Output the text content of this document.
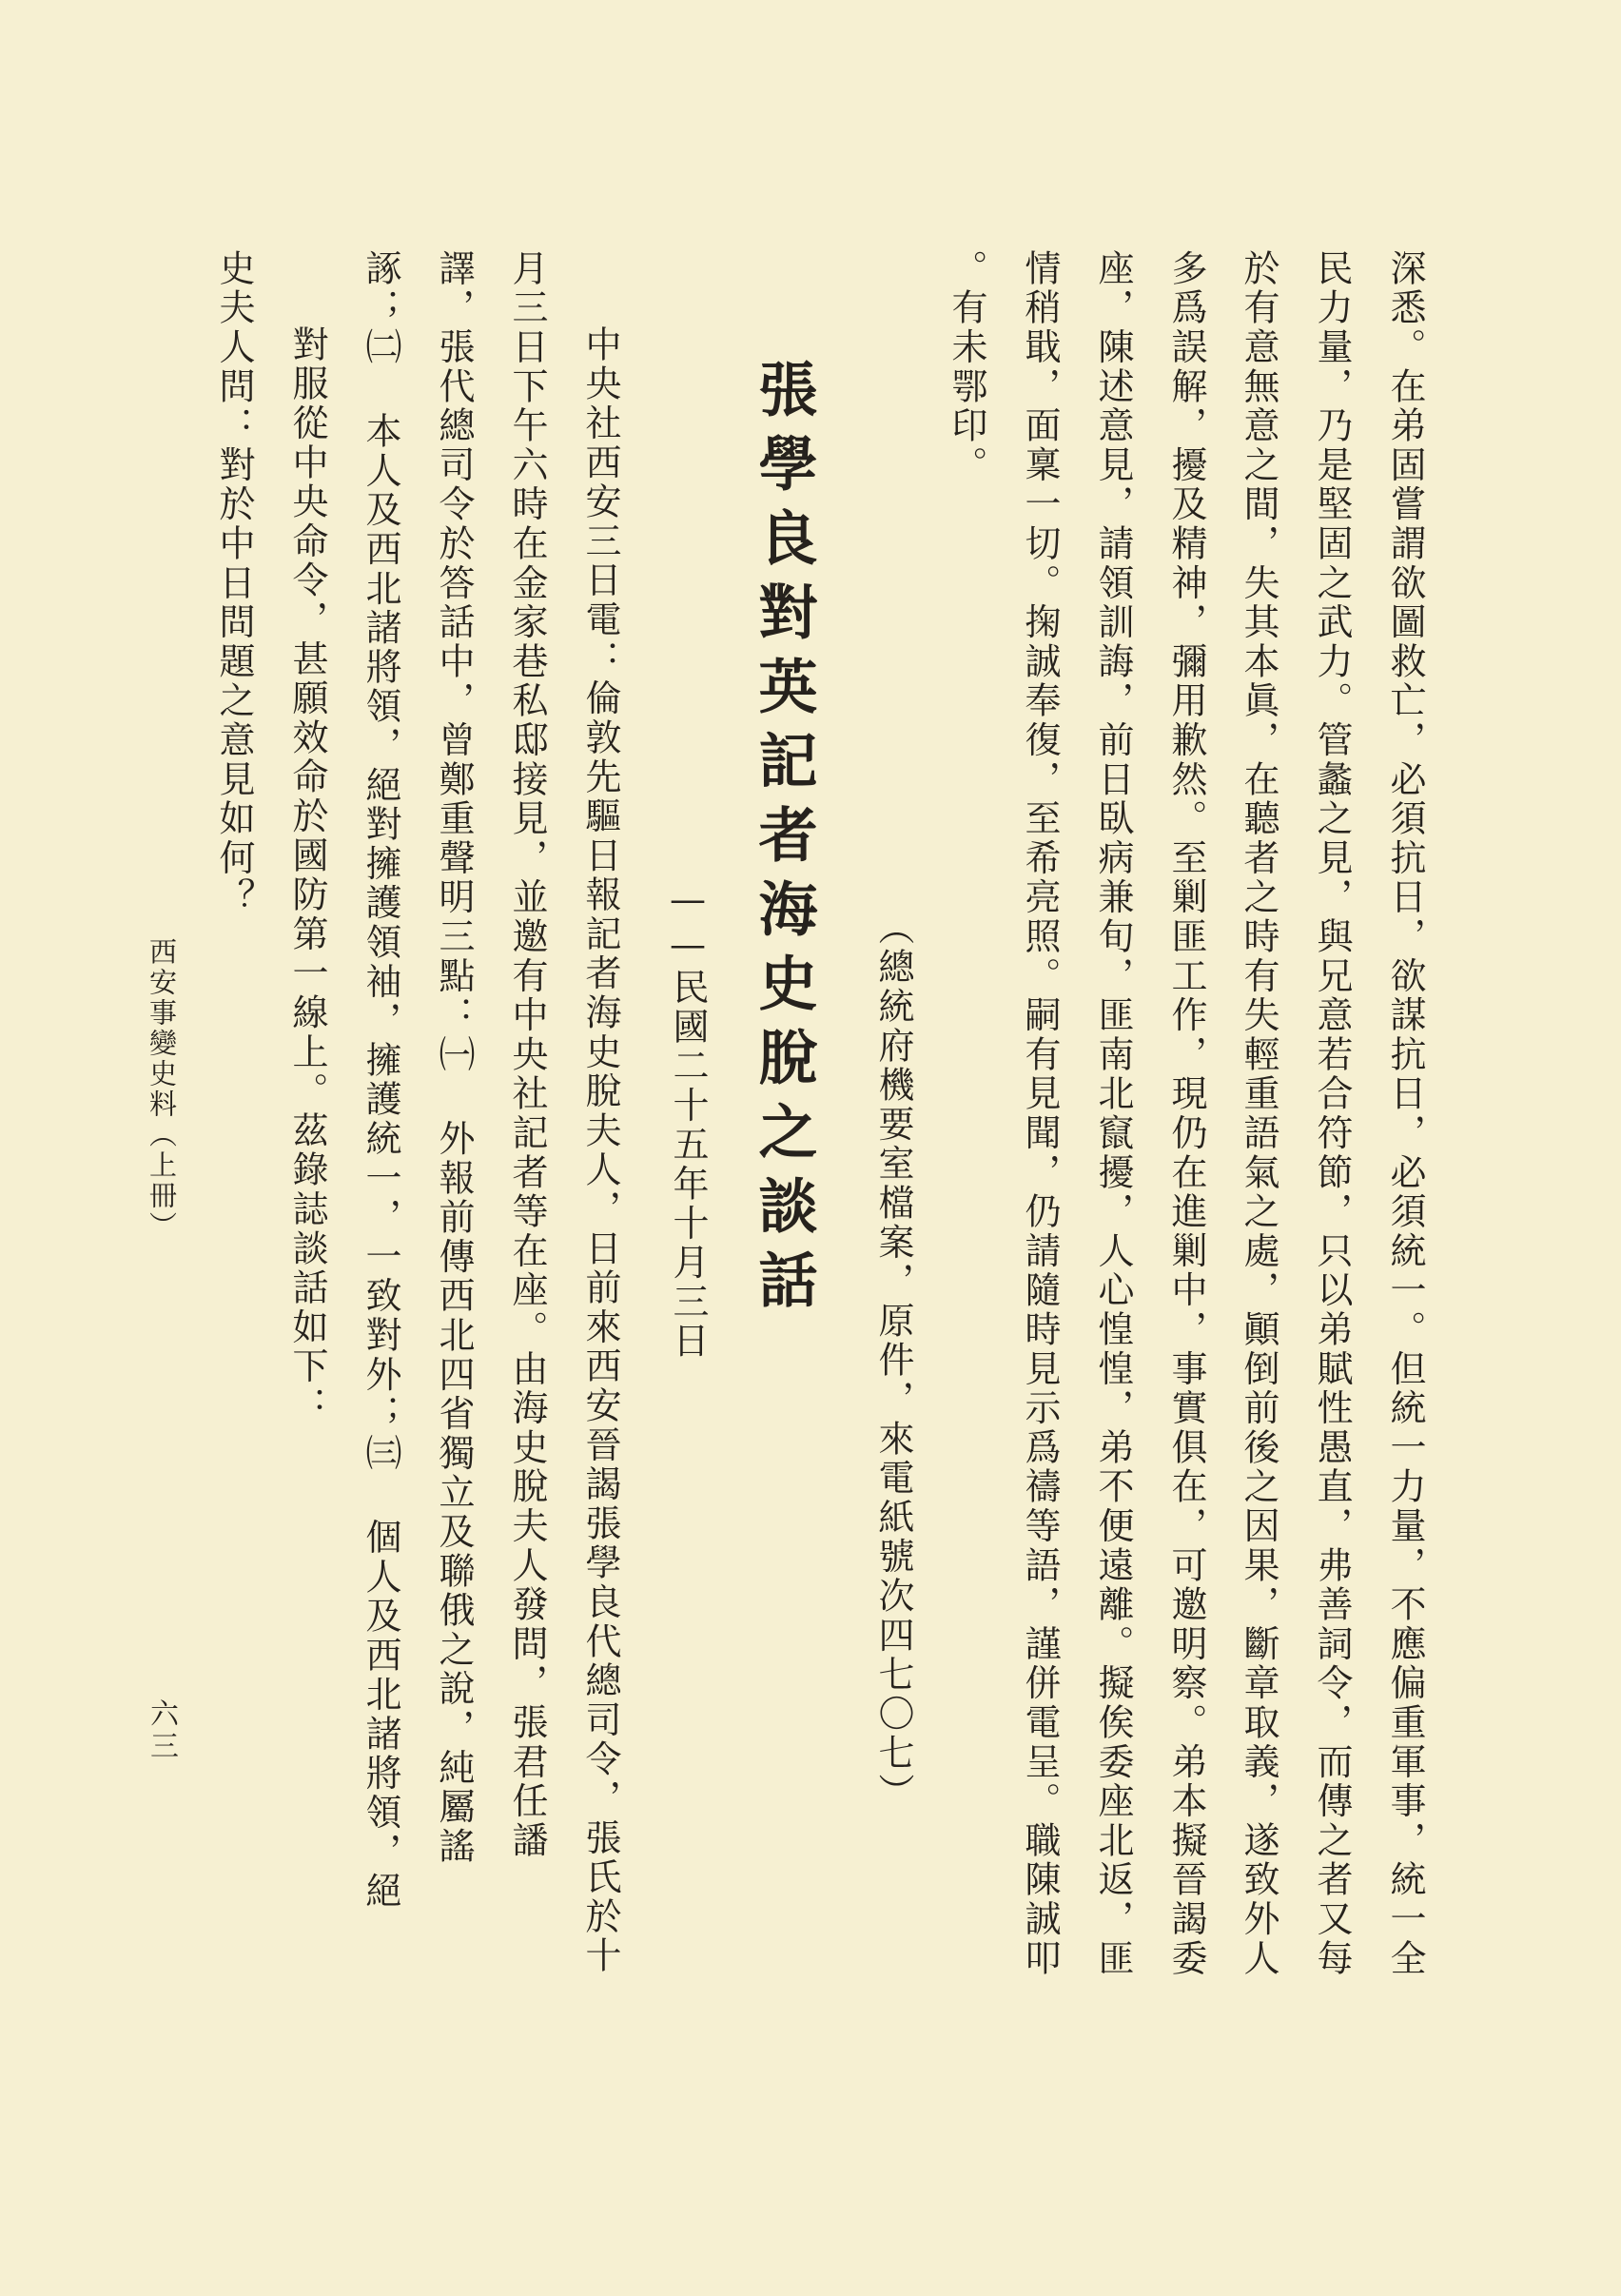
深悉。在弟固嘗謂欲圖救亡，必須抗日，欲謀抗日，必須統一。但統一力量，不應偏重軍事，統一全
民力量，乃是堅固之武力。管蠡之見，與兄意若合符節，只以弟賦性愚直，弗善詞令，而傳之者又每
於有意無意之間，失其本眞，在聽者之時有失輕重語氣之處，顚倒前後之因果，斷章取義，遂致外人
多爲誤解，擾及精神，彌用歉然。至剿匪工作，現仍在進剿中，事實俱在，可邀明察。弟本擬晉謁委
座，陳述意見，請領訓誨，前日臥病兼旬，匪南北竄擾，人心惶惶，弟不便遠離。擬俟委座北返，匪
情稍戢，面稟一切。掬誠奉復，至希亮照。嗣有見聞，仍請隨時見示爲禱等語，謹併電呈。職陳誠叩
。有未鄂印。
（總統府機要室檔案，原件，來電紙號次四七〇七）
張學良對英記者海史脫之談話
——民國二十五年十月三日
中央社西安三日電：倫敦先驅日報記者海史脫夫人，日前來西安晉謁張學良代總司令，張氏於十
月三日下午六時在金家巷私邸接見，並邀有中央社記者等在座。由海史脫夫人發問，張君任譒
譯，張代總司令於答話中，曾鄭重聲明三點：㈠ 外報前傳西北四省獨立及聯俄之說，純屬謠
諑；㈡ 本人及西北諸將領，絕對擁護領袖，擁護統一，一致對外；㈢ 個人及西北諸將領，絕
對服從中央命令，甚願效命於國防第一線上。茲錄誌談話如下：
史夫人問：對於中日問題之意見如何？
西安事變史料（上冊）
六三
